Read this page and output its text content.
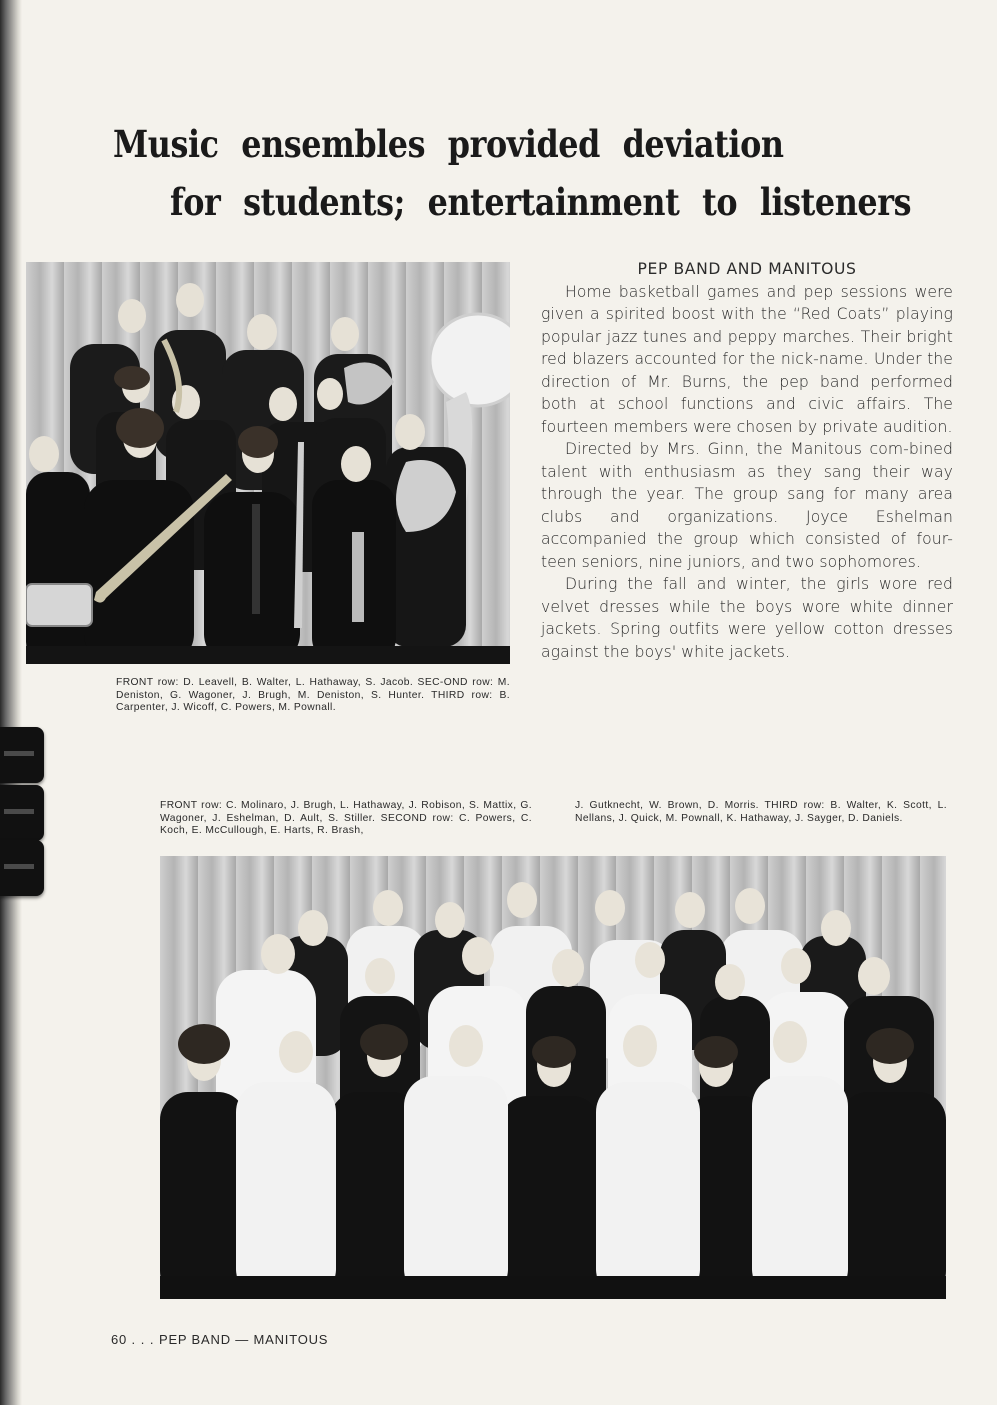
Music ensembles provided deviation
for students; entertainment to listeners
FRONT row: D. Leavell, B. Walter, L. Hathaway, S. Jacob. SEC-OND row: M. Deniston, G. Wagoner, J. Brugh, M. Deniston, S. Hunter. THIRD row: B. Carpenter, J. Wicoff, C. Powers, M. Pownall.
PEP BAND AND MANITOUS

Home basketball games and pep sessions were given a spirited boost with the “Red Coats” playing popular jazz tunes and peppy marches. Their bright red blazers accounted for the nick-name. Under the direction of Mr. Burns, the pep band performed both at school functions and civic affairs. The fourteen members were chosen by private audition.

Directed by Mrs. Ginn, the Manitous com-bined talent with enthusiasm as they sang their way through the year. The group sang for many area clubs and organizations. Joyce Eshelman accompanied the group which consisted of four-teen seniors, nine juniors, and two sophomores.

During the fall and winter, the girls wore red velvet dresses while the boys wore white dinner jackets. Spring outfits were yellow cotton dresses against the boys' white jackets.

FRONT row: C. Molinaro, J. Brugh, L. Hathaway, J. Robison, S. Mattix, G. Wagoner, J. Eshelman, D. Ault, S. Stiller. SECOND row: C. Powers, C. Koch, E. McCullough, E. Harts, R. Brash,
J. Gutknecht, W. Brown, D. Morris. THIRD row: B. Walter, K. Scott, L. Nellans, J. Quick, M. Pownall, K. Hathaway, J. Sayger, D. Daniels.
60 . . . PEP BAND — MANITOUS
